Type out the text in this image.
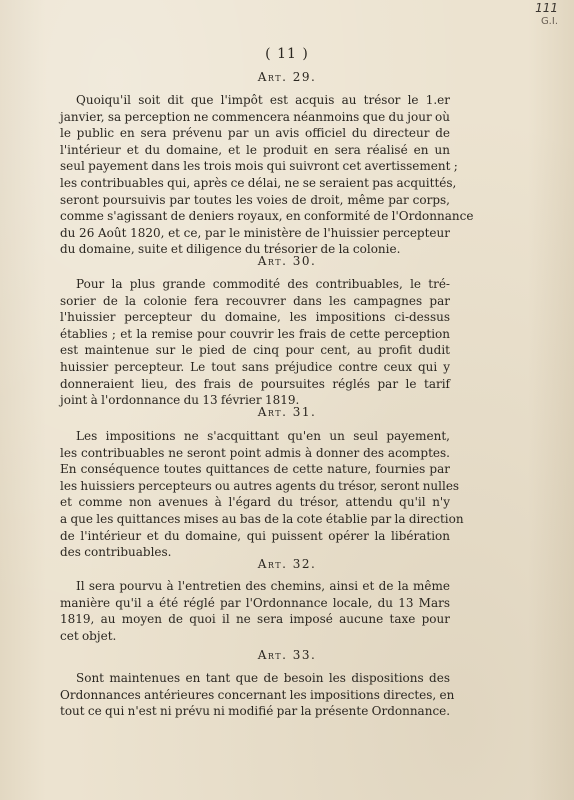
111
G.I.
( 11 )
Art. 29.
Quoiqu'il soit dit que l'impôt est acquis au trésor le 1.er
janvier, sa perception ne commencera néanmoins que du jour où
le public en sera prévenu par un avis officiel du directeur de
l'intérieur et du domaine, et le produit en sera réalisé en un
seul payement dans les trois mois qui suivront cet avertissement ;
les contribuables qui, après ce délai, ne se seraient pas acquittés,
seront poursuivis par toutes les voies de droit, même par corps,
comme s'agissant de deniers royaux, en conformité de l'Ordonnance
du 26 Août 1820, et ce, par le ministère de l'huissier percepteur
du domaine, suite et diligence du trésorier de la colonie.
Art. 30.
Pour la plus grande commodité des contribuables, le tré-
sorier de la colonie fera recouvrer dans les campagnes par
l'huissier percepteur du domaine, les impositions ci-dessus
établies ; et la remise pour couvrir les frais de cette perception
est maintenue sur le pied de cinq pour cent, au profit dudit
huissier percepteur. Le tout sans préjudice contre ceux qui y
donneraient lieu, des frais de poursuites réglés par le tarif
joint à l'ordonnance du 13 février 1819.
Art. 31.
Les impositions ne s'acquittant qu'en un seul payement,
les contribuables ne seront point admis à donner des acomptes.
En conséquence toutes quittances de cette nature, fournies par
les huissiers percepteurs ou autres agents du trésor, seront nulles
et comme non avenues à l'égard du trésor, attendu qu'il n'y
a que les quittances mises au bas de la cote établie par la direction
de l'intérieur et du domaine, qui puissent opérer la libération
des contribuables.
Art. 32.
Il sera pourvu à l'entretien des chemins, ainsi et de la même
manière qu'il a été réglé par l'Ordonnance locale, du 13 Mars
1819, au moyen de quoi il ne sera imposé aucune taxe pour
cet objet.
Art. 33.
Sont maintenues en tant que de besoin les dispositions des
Ordonnances antérieures concernant les impositions directes, en
tout ce qui n'est ni prévu ni modifié par la présente Ordonnance.
